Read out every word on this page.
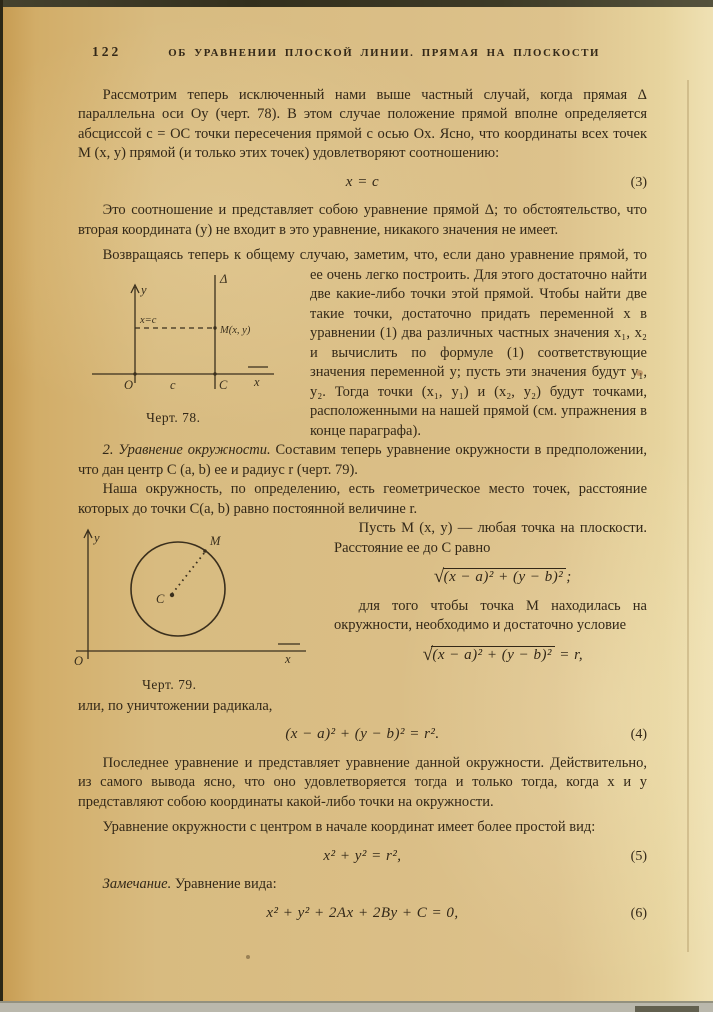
122	ОБ УРАВНЕНИИ ПЛОСКОЙ ЛИНИИ. ПРЯМАЯ НА ПЛОСКОСТИ
Рассмотрим теперь исключенный нами выше частный случай, когда прямая Δ параллельна оси Oy (черт. 78). В этом случае положение прямой вполне определяется абсциссой c = OC точки пересечения прямой с осью Ox. Ясно, что координаты всех точек M (x, y) прямой (и только этих точек) удовлетворяют соотношению:
x = c	(3)
Это соотношение и представляет собою уравнение прямой Δ; то обстоятельство, что вторая координата (y) не входит в это уравнение, никакого значения не имеет.
Возвращаясь теперь к общему случаю, заметим, что, если дано уравнение прямой, то ее очень легко построить. Для этого достаточно найти
y
Δ
x=c
M(x, y)
O	c	C x
Черт. 78.
две какие-либо точки этой прямой. Чтобы найти две такие точки, достаточно придать переменной x в уравнении (1) два различных частных значения x₁, x₂ и вычислить по формуле (1) соответствующие значения переменной y; пусть эти значения будут y₁, y₂. Тогда точки (x₁, y₁) и (x₂, y₂) будут точками, расположенными на нашей прямой (см. упражнения в конце параграфа).
2. Уравнение окружности. Составим теперь уравнение окружности в предположении, что дан центр C (a, b) ее и радиус r (черт. 79).
Наша окружность, по определению, есть геометрическое место точек, расстояние которых до точки C(a, b) равно постоянной величине r.
y
C
M
O	x
Черт. 79.
Пусть M (x, y) — любая точка на плоскости. Расстояние ее до C равно
√(x − a)² + (y − b)² ;
для того чтобы точка M находилась на окружности, необходимо и достаточно условие
√(x − a)² + (y − b)² = r,
или, по уничтожении радикала,
(x − a)² + (y − b)² = r².	(4)
Последнее уравнение и представляет уравнение данной окружности. Действительно, из самого вывода ясно, что оно удовлетворяется тогда и только тогда, когда x и y представляют собою координаты какой-либо точки на окружности.
Уравнение окружности с центром в начале координат имеет более простой вид:
x² + y² = r²,	(5)
Замечание. Уравнение вида:
x² + y² + 2Ax + 2By + C = 0,	(6)
